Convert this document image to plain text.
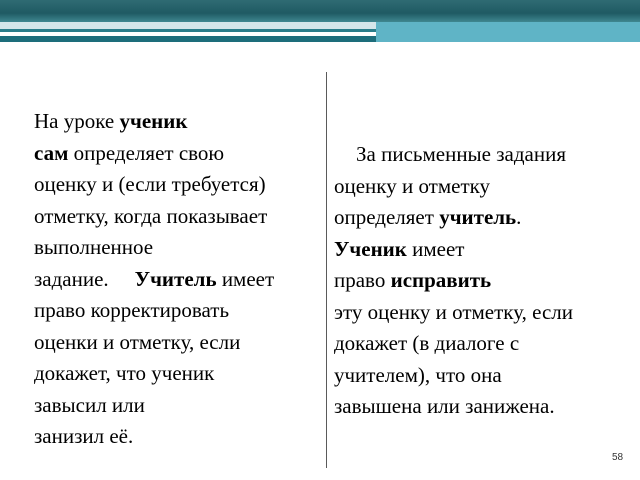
На уроке ученик
сам определяет свою
оценку и (если требуется)
отметку, когда показывает
выполненное
задание. Учитель имеет
право корректировать
оценки и отметку, если
докажет, что ученик
завысил или
занизил её.
За письменные задания
оценку и отметку
определяет учитель.
Ученик имеет
право исправить
эту оценку и отметку, если
докажет (в диалоге с
учителем), что она
завышена или занижена.
58
